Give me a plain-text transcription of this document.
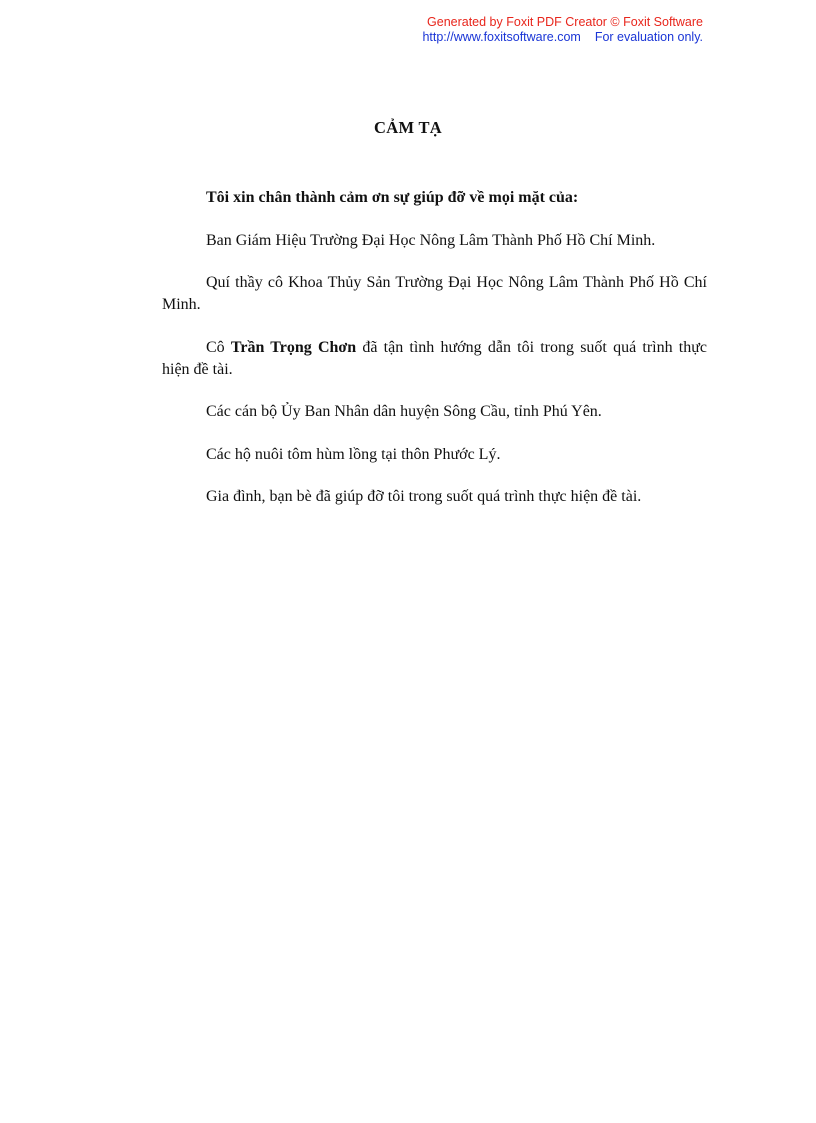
Generated by Foxit PDF Creator © Foxit Software
http://www.foxitsoftware.com For evaluation only.
CẢM TẠ

Tôi xin chân thành cảm ơn sự giúp đỡ về mọi mặt của:

Ban Giám Hiệu Trường Đại Học Nông Lâm Thành Phố Hồ Chí Minh.

Quí thầy cô Khoa Thủy Sản Trường Đại Học Nông Lâm Thành Phố Hồ Chí Minh.

Cô Trần Trọng Chơn đã tận tình hướng dẫn tôi trong suốt quá trình thực hiện đề tài.

Các cán bộ Ủy Ban Nhân dân huyện Sông Cầu, tỉnh Phú Yên.

Các hộ nuôi tôm hùm lồng tại thôn Phước Lý.

Gia đình, bạn bè đã giúp đỡ tôi trong suốt quá trình thực hiện đề tài.
